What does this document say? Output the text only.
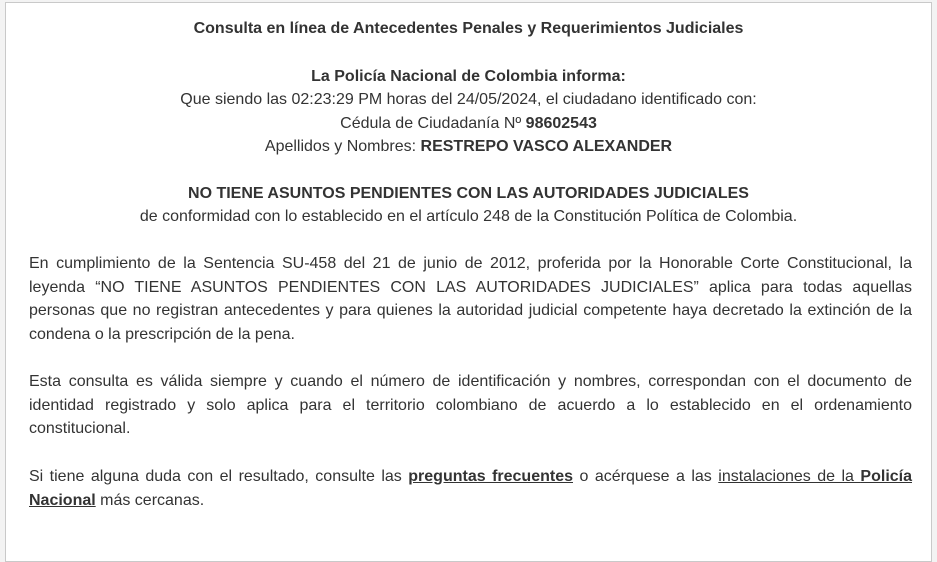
Consulta en línea de Antecedentes Penales y Requerimientos Judiciales
La Policía Nacional de Colombia informa:
Que siendo las 02:23:29 PM horas del 24/05/2024, el ciudadano identificado con:
Cédula de Ciudadanía Nº 98602543
Apellidos y Nombres: RESTREPO VASCO ALEXANDER
NO TIENE ASUNTOS PENDIENTES CON LAS AUTORIDADES JUDICIALES
de conformidad con lo establecido en el artículo 248 de la Constitución Política de Colombia.

En cumplimiento de la Sentencia SU-458 del 21 de junio de 2012, proferida por la Honorable Corte Constitucional, la leyenda “NO TIENE ASUNTOS PENDIENTES CON LAS AUTORIDADES JUDICIALES” aplica para todas aquellas personas que no registran antecedentes y para quienes la autoridad judicial competente haya decretado la extinción de la condena o la prescripción de la pena.

Esta consulta es válida siempre y cuando el número de identificación y nombres, correspondan con el documento de identidad registrado y solo aplica para el territorio colombiano de acuerdo a lo establecido en el ordenamiento constitucional.

Si tiene alguna duda con el resultado, consulte las preguntas frecuentes o acérquese a las instalaciones de la Policía Nacional más cercanas.
